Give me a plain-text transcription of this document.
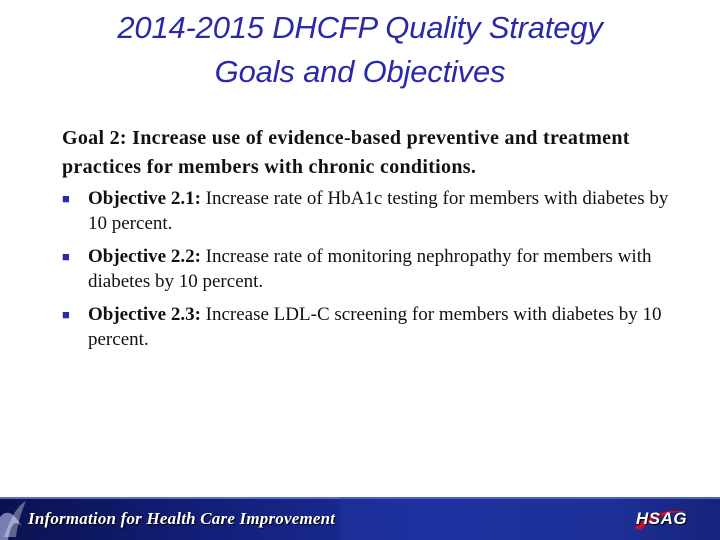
2014-2015 DHCFP Quality Strategy
Goals and Objectives
Goal 2: Increase use of evidence-based preventive and treatment practices for members with chronic conditions.
■ Objective 2.1: Increase rate of HbA1c testing for members with diabetes by 10 percent.
■ Objective 2.2: Increase rate of monitoring nephropathy for members with diabetes by 10 percent.
■ Objective 2.3: Increase LDL-C screening for members with diabetes by 10 percent.
Information for Health Care Improvement	HSAG
